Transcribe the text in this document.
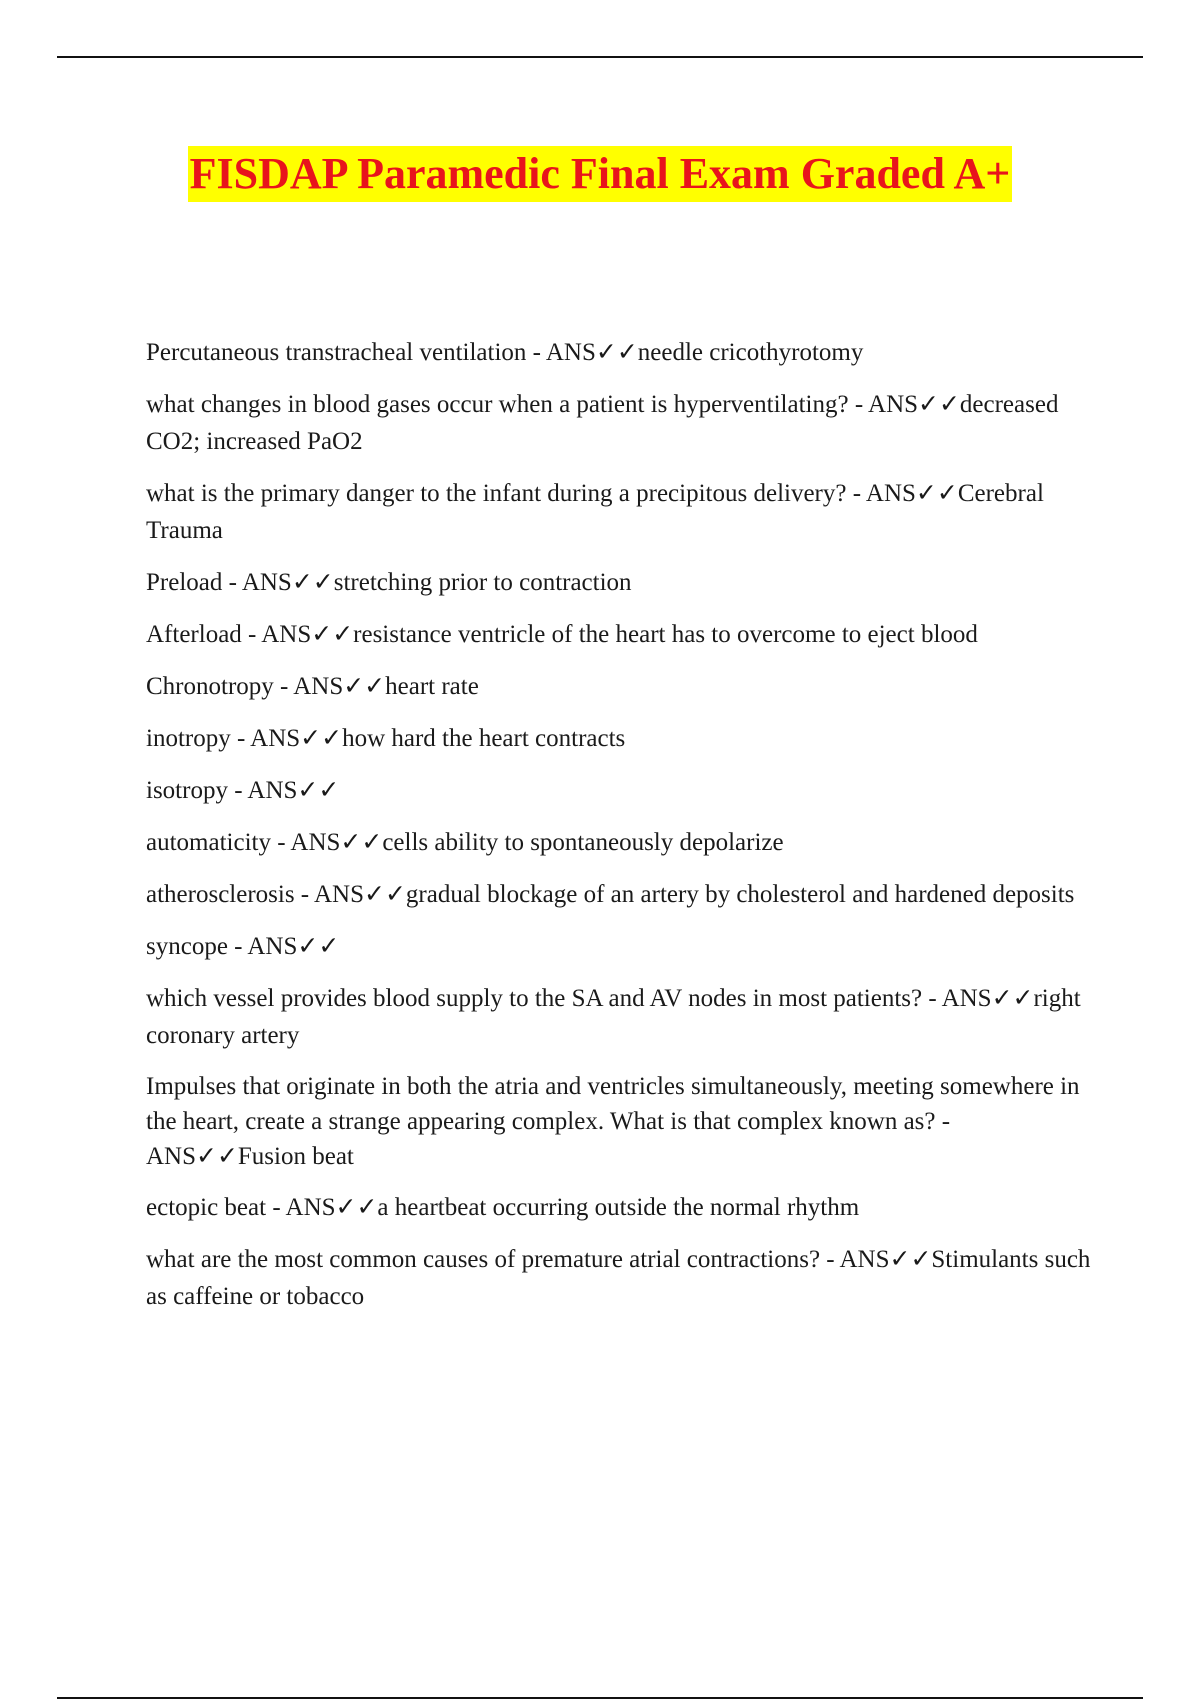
FISDAP Paramedic Final Exam Graded A+
Percutaneous transtracheal ventilation - ANS✓✓needle cricothyrotomy
what changes in blood gases occur when a patient is hyperventilating? - ANS✓✓decreased CO2; increased PaO2
what is the primary danger to the infant during a precipitous delivery? - ANS✓✓Cerebral Trauma
Preload - ANS✓✓stretching prior to contraction
Afterload - ANS✓✓resistance ventricle of the heart has to overcome to eject blood
Chronotropy - ANS✓✓heart rate
inotropy - ANS✓✓how hard the heart contracts
isotropy - ANS✓✓
automaticity - ANS✓✓cells ability to spontaneously depolarize
atherosclerosis - ANS✓✓gradual blockage of an artery by cholesterol and hardened deposits
syncope - ANS✓✓
which vessel provides blood supply to the SA and AV nodes in most patients? - ANS✓✓right coronary artery
Impulses that originate in both the atria and ventricles simultaneously, meeting somewhere in the heart, create a strange appearing complex. What is that complex known as? - ANS✓✓Fusion beat
ectopic beat - ANS✓✓a heartbeat occurring outside the normal rhythm
what are the most common causes of premature atrial contractions? - ANS✓✓Stimulants such as caffeine or tobacco
